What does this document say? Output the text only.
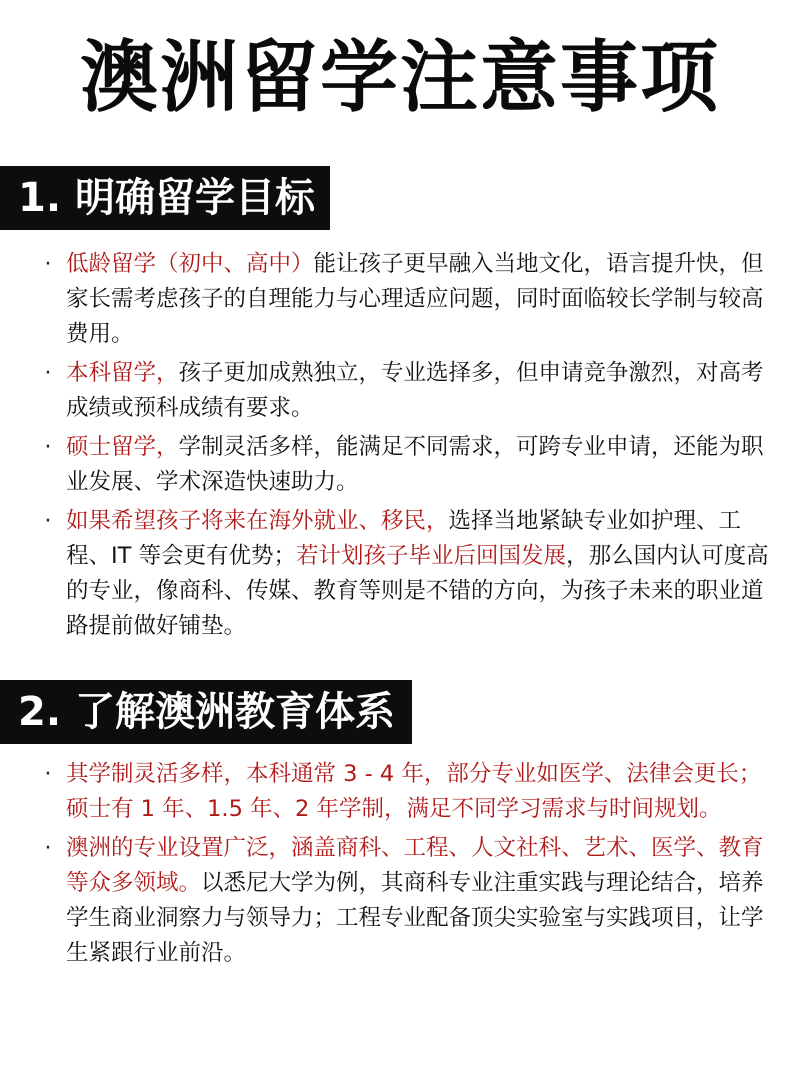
澳洲留学注意事项
1. 明确留学目标
· 低龄留学（初中、高中）能让孩子更早融入当地文化，语言提升快，但家长需考虑孩子的自理能力与心理适应问题，同时面临较长学制与较高费用。
· 本科留学，孩子更加成熟独立，专业选择多，但申请竞争激烈，对高考成绩或预科成绩有要求。
· 硕士留学，学制灵活多样，能满足不同需求，可跨专业申请，还能为职业发展、学术深造快速助力。
· 如果希望孩子将来在海外就业、移民，选择当地紧缺专业如护理、工程、IT 等会更有优势；若计划孩子毕业后回国发展，那么国内认可度高的专业，像商科、传媒、教育等则是不错的方向，为孩子未来的职业道路提前做好铺垫。
2. 了解澳洲教育体系
· 其学制灵活多样，本科通常 3 - 4 年，部分专业如医学、法律会更长；硕士有 1 年、1.5 年、2 年学制，满足不同学习需求与时间规划。
· 澳洲的专业设置广泛，涵盖商科、工程、人文社科、艺术、医学、教育等众多领域。以悉尼大学为例，其商科专业注重实践与理论结合，培养学生商业洞察力与领导力；工程专业配备顶尖实验室与实践项目，让学生紧跟行业前沿。
